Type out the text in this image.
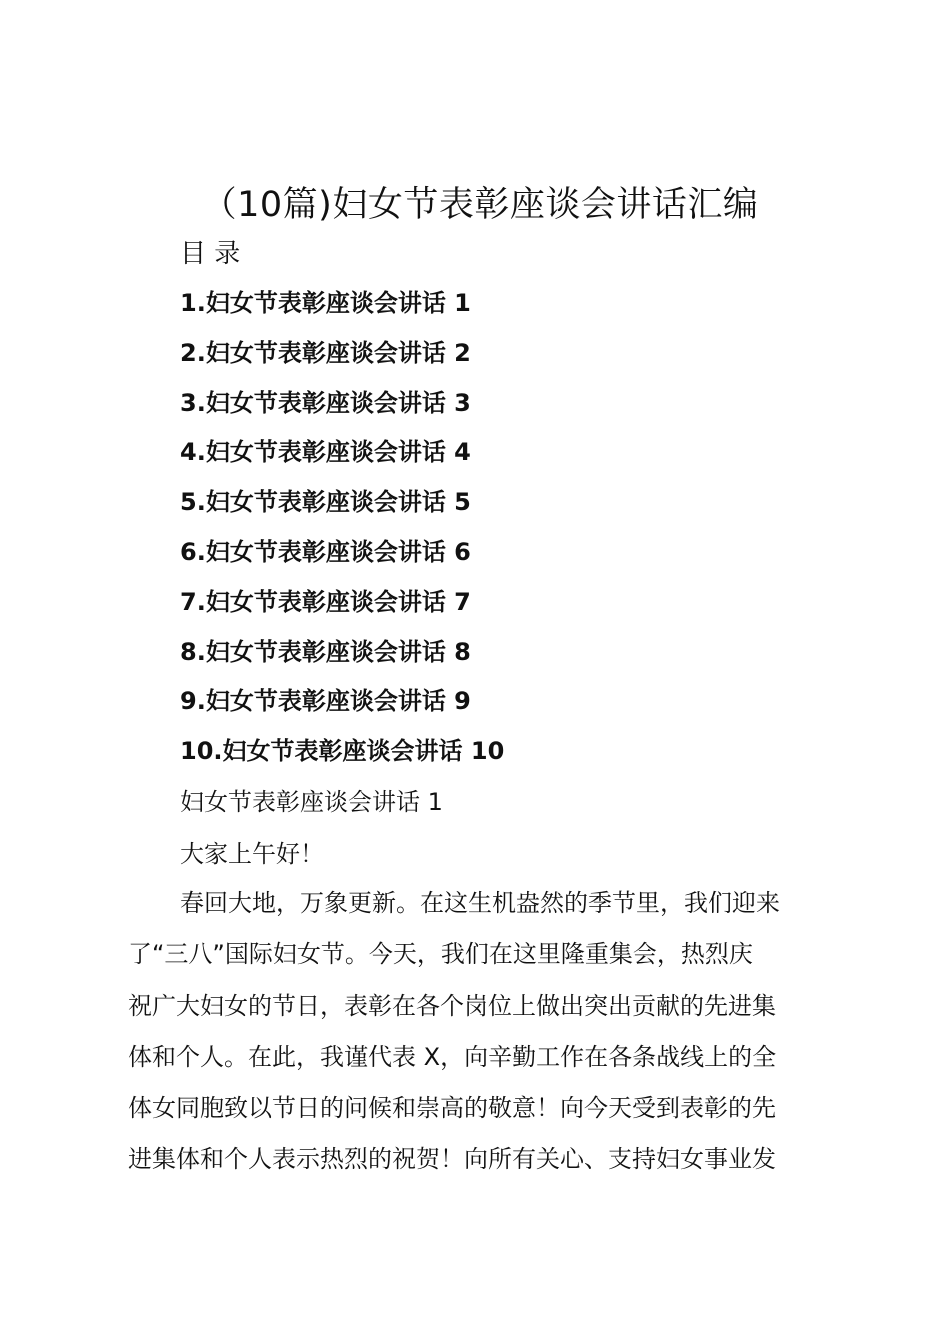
（10篇)妇女节表彰座谈会讲话汇编
目 录
1.妇女节表彰座谈会讲话 1
2.妇女节表彰座谈会讲话 2
3.妇女节表彰座谈会讲话 3
4.妇女节表彰座谈会讲话 4
5.妇女节表彰座谈会讲话 5
6.妇女节表彰座谈会讲话 6
7.妇女节表彰座谈会讲话 7
8.妇女节表彰座谈会讲话 8
9.妇女节表彰座谈会讲话 9
10.妇女节表彰座谈会讲话 10
妇女节表彰座谈会讲话 1
大家上午好！

春回大地，万象更新。在这生机盎然的季节里，我们迎来
了“三八”国际妇女节。今天，我们在这里隆重集会，热烈庆
祝广大妇女的节日，表彰在各个岗位上做出突出贡献的先进集
体和个人。在此，我谨代表 X，向辛勤工作在各条战线上的全
体女同胞致以节日的问候和崇高的敬意！向今天受到表彰的先
进集体和个人表示热烈的祝贺！向所有关心、支持妇女事业发
